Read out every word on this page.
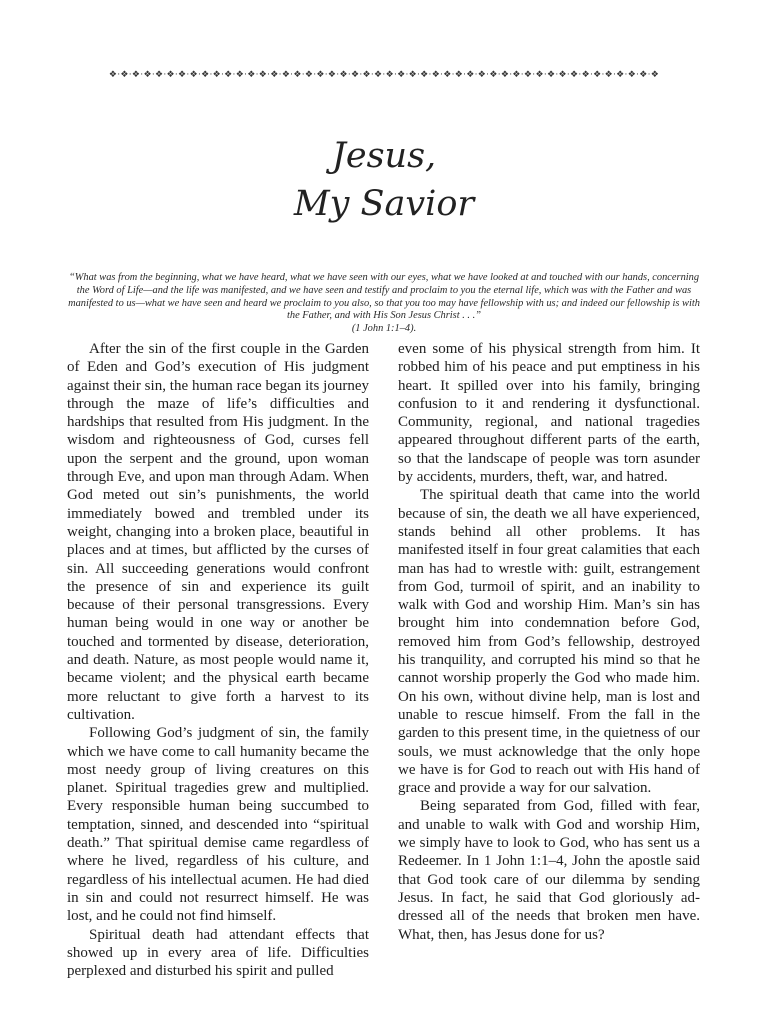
❖·❖·❖·❖·❖·❖·❖·❖·❖·❖·❖·❖·❖·❖·❖·❖·❖·❖·❖·❖·❖·❖·❖·❖·❖·❖·❖·❖·❖·❖·❖·❖·❖·❖·❖·❖·❖·❖·❖·❖·❖·❖·❖·❖·❖·❖·❖·❖
Jesus,
My Savior
“What was from the beginning, what we have heard, what we have seen with our eyes, what we have looked at and touched with our hands, concerning the Word of Life—and the life was manifested, and we have seen and testify and proclaim to you the eternal life, which was with the Father and was manifested to us—what we have seen and heard we proclaim to you also, so that you too may have fellowship with us; and indeed our fellowship is with the Father, and with His Son Jesus Christ . . .”
(1 John 1:1–4).

After the sin of the first couple in the Garden of Eden and God’s execution of His judgment against their sin, the human race began its journey through the maze of life’s difficulties and hardships that resulted from His judgment. In the wisdom and righteousness of God, curses fell upon the serpent and the ground, upon woman through Eve, and upon man through Adam. When God meted out sin’s punishments, the world immediately bowed and trembled under its weight, changing into a broken place, beautiful in places and at times, but afflicted by the curses of sin. All succeeding generations would confront the presence of sin and experience its guilt because of their personal transgressions. Every human being would in one way or another be touched and tormented by disease, deterioration, and death. Nature, as most people would name it, became violent; and the physical earth became more reluctant to give forth a harvest to its cultivation.

Following God’s judgment of sin, the family which we have come to call humanity became the most needy group of living creatures on this planet. Spiritual tragedies grew and multiplied. Every responsible human being succumbed to temptation, sinned, and descended into “spiritual death.” That spiritual demise came regardless of where he lived, regardless of his culture, and regardless of his intellectual acumen. He had died in sin and could not resurrect himself. He was lost, and he could not find himself.

Spiritual death had attendant effects that showed up in every area of life. Difficulties perplexed and disturbed his spirit and pulled

even some of his physical strength from him. It robbed him of his peace and put emptiness in his heart. It spilled over into his family, bringing confusion to it and rendering it dysfunctional. Community, regional, and national tragedies appeared throughout different parts of the earth, so that the landscape of people was torn asunder by accidents, murders, theft, war, and hatred.

The spiritual death that came into the world because of sin, the death we all have experienced, stands behind all other problems. It has manifested itself in four great calamities that each man has had to wrestle with: guilt, estrangement from God, turmoil of spirit, and an inability to walk with God and worship Him. Man’s sin has brought him into condemnation before God, removed him from God’s fellowship, destroyed his tranquility, and corrupted his mind so that he cannot worship properly the God who made him. On his own, without divine help, man is lost and unable to rescue himself. From the fall in the garden to this present time, in the quietness of our souls, we must acknowledge that the only hope we have is for God to reach out with His hand of grace and provide a way for our salvation.

Being separated from God, filled with fear, and unable to walk with God and worship Him, we simply have to look to God, who has sent us a Redeemer. In 1 John 1:1–4, John the apostle said that God took care of our dilemma by sending Jesus. In fact, he said that God gloriously addressed all of the needs that broken men have. What, then, has Jesus done for us?
